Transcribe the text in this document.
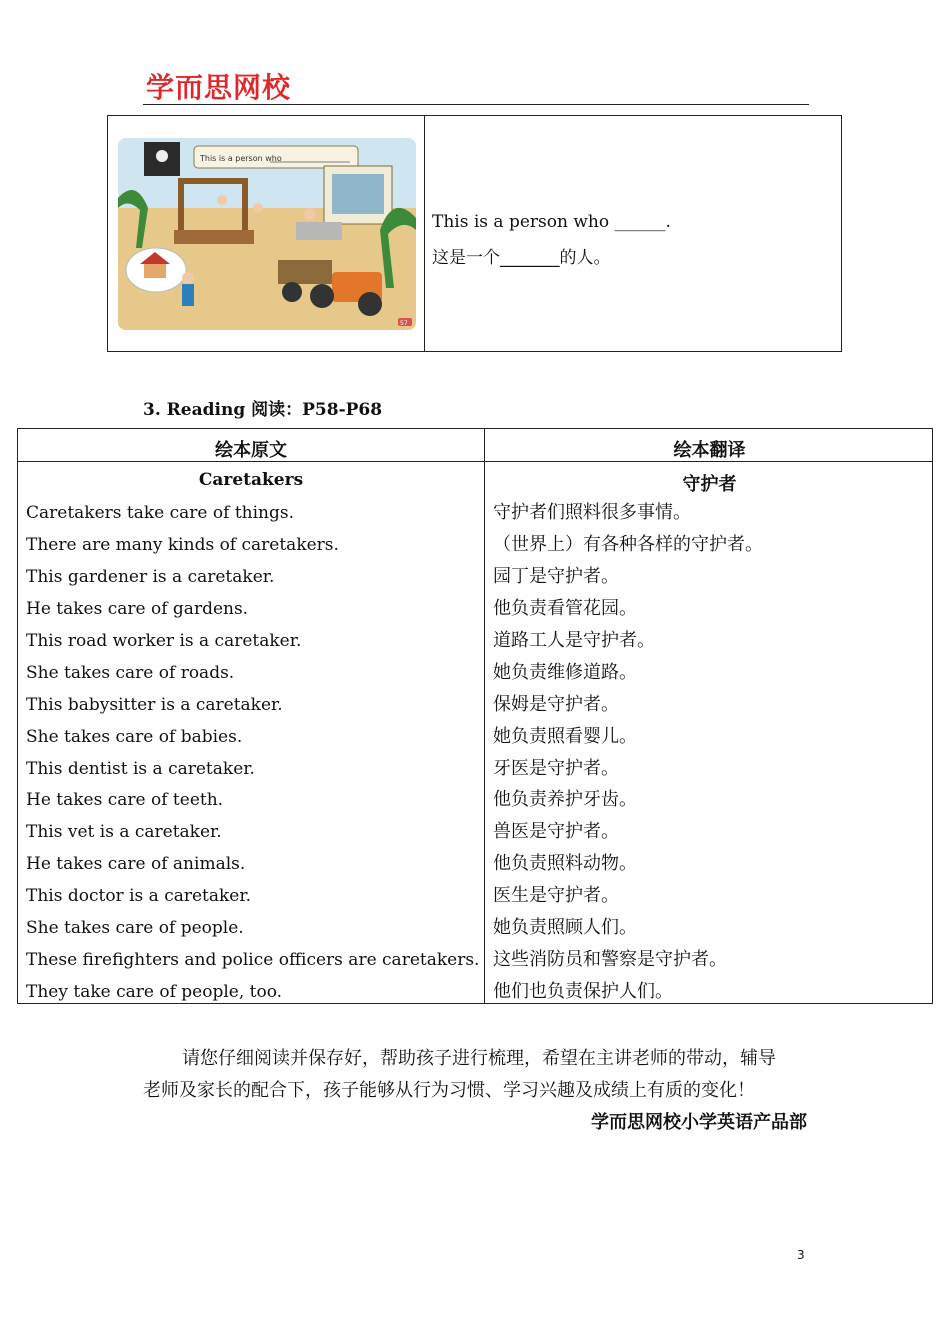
学而思网校
This is a person who
57
This is a person who ______.
这是一个_______的人。
3. Reading 阅读：P58-P68
绘本原文	绘本翻译
Caretakers	守护者
Caretakers take care of things.
There are many kinds of caretakers.
This gardener is a caretaker.
He takes care of gardens.
This road worker is a caretaker.
She takes care of roads.
This babysitter is a caretaker.
She takes care of babies.
This dentist is a caretaker.
He takes care of teeth.
This vet is a caretaker.
He takes care of animals.
This doctor is a caretaker.
She takes care of people.
These firefighters and police officers are caretakers.
They take care of people, too.
守护者们照料很多事情。
（世界上）有各种各样的守护者。
园丁是守护者。
他负责看管花园。
道路工人是守护者。
她负责维修道路。
保姆是守护者。
她负责照看婴儿。
牙医是守护者。
他负责养护牙齿。
兽医是守护者。
他负责照料动物。
医生是守护者。
她负责照顾人们。
这些消防员和警察是守护者。
他们也负责保护人们。
请您仔细阅读并保存好，帮助孩子进行梳理，希望在主讲老师的带动，辅导
老师及家长的配合下，孩子能够从行为习惯、学习兴趣及成绩上有质的变化！
学而思网校小学英语产品部
3
